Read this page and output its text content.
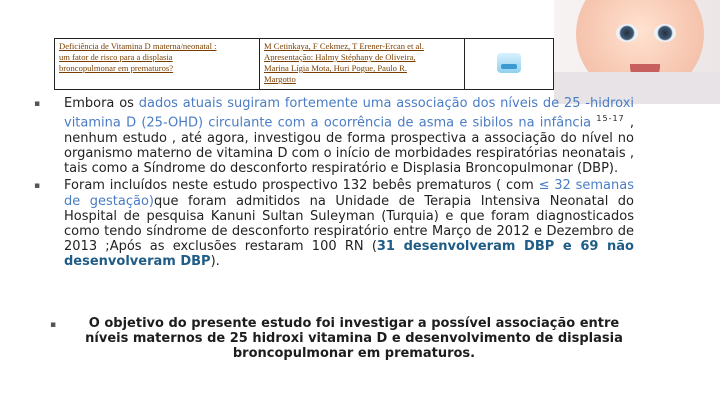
Deficiência de Vitamina D materna/neonatal :
um fator de risco para a displasia
broncopulmonar em prematuros?	M Cetinkaya, F Cekmez, T Erener-Ercan et al.
Apresentação: Halmy Stéphany de Oliveira,
Marina Lígia Mota, Huri Pogue, Paulo R.
Margotto	
▪ Embora os dados atuais sugiram fortemente uma associação dos níveis de 25 -hidroxi vitamina D (25-OHD) circulante com a ocorrência de asma e sibilos na infância $^{15-17}$ , nenhum estudo , até agora, investigou de forma prospectiva a associação do nível no organismo materno de vitamina D com o início de morbidades respiratórias neonatais , tais como a Síndrome do desconforto respiratório e Displasia Broncopulmonar (DBP).
▪ Foram incluídos neste estudo prospectivo 132 bebês prematuros ( com ≤ 32 semanas de gestação)que foram admitidos na Unidade de Terapia Intensiva Neonatal do Hospital de pesquisa Kanuni Sultan Suleyman (Turquia) e que foram diagnosticados como tendo síndrome de desconforto respiratório entre Março de 2012 e Dezembro de 2013 ;Após as exclusões restaram 100 RN (31 desenvolveram DBP e 69 não desenvolveram DBP).
▪	O objetivo do presente estudo foi investigar a possível associação entre níveis maternos de 25 hidroxi vitamina D e desenvolvimento de displasia broncopulmonar em prematuros.
